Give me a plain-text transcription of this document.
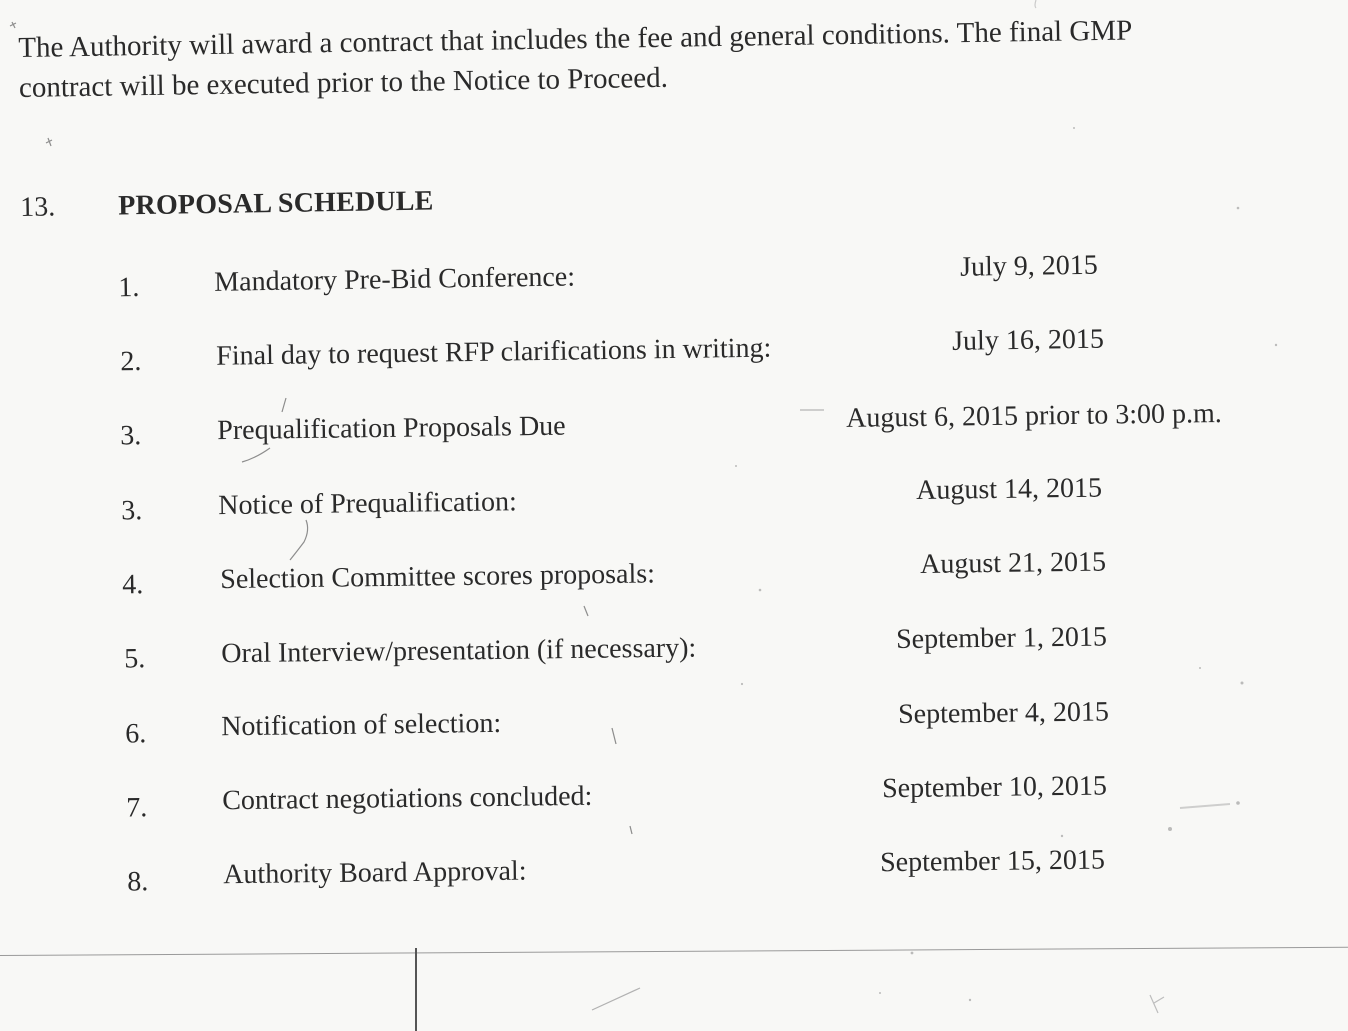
The Authority will award a contract that includes the fee and general conditions. The final GMP

contract will be executed prior to the Notice to Proceed.

13. PROPOSAL SCHEDULE
1.	Mandatory Pre-Bid Conference:	July 9, 2015
2.	Final day to request RFP clarifications in writing:	July 16, 2015
3.	Prequalification Proposals Due	August 6, 2015 prior to 3:00 p.m.
3.	Notice of Prequalification:	August 14, 2015
4.	Selection Committee scores proposals:	August 21, 2015
5.	Oral Interview/presentation (if necessary):	September 1, 2015
6.	Notification of selection:	September 4, 2015
7.	Contract negotiations concluded:	September 10, 2015
8.	Authority Board Approval:	September 15, 2015
